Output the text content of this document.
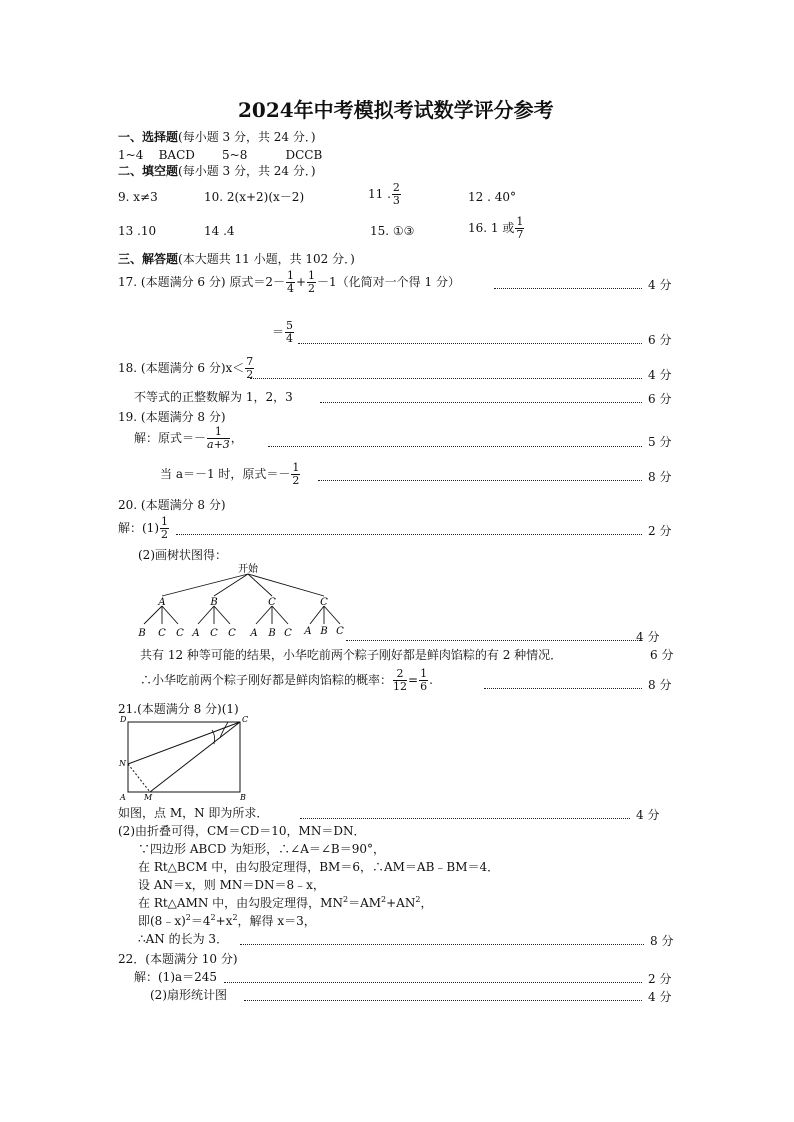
2024年中考模拟考试数学评分参考
一、选择题(每小题 3 分，共 24 分．)
1~4 BACD 5~8	DCCB
二、填空题(每小题 3 分，共 24 分．)
9. x≠3	10. 2(x+2)(x－2)	11 . $\frac{2}{3}$	12 . 40°
13 .10	14 .4	15. ①③	16. 1 或 $\frac{1}{7}$
三、解答题(本大题共 11 小题，共 102 分．)
17. (本题满分 6 分) 原式$=2- \frac{1}{4} + \frac{1}{2} -1$（化简对一个得 1 分）	4 分
＝ $\frac{5}{4}$	6 分
18. (本题满分 6 分)$x< \frac{7}{2}$	4 分
不等式的正整数解为 1，2，3	6 分
19. (本题满分 8 分)
解：原式＝－ $\frac{1}{a+3}$，	5 分
当 a＝－1 时，原式＝－ $\frac{1}{2}$	8 分
20. (本题满分 8 分)
解：$(1) \frac{1}{2}$	2 分
(2)画树状图得：
开始
A	B	C	C
B C C A C C A B C A B C	4 分
共有 12 种等可能的结果，小华吃前两个粽子刚好都是鲜肉馅粽的有 2 种情况．	6 分
∴小华吃前两个粽子刚好都是鲜肉馅粽的概率： $\frac{2}{12} = \frac{1}{6}$ .	8 分
21.(本题满分 8 分)(1)
D	C
N
A M	B
如图，点 M，N 即为所求．	4 分
(2)由折叠可得，CM＝CD＝10，MN＝DN．
∵四边形 ABCD 为矩形，∴∠A＝∠B＝90°，
在 Rt△BCM 中，由勾股定理得，BM＝6，∴AM＝AB﹣BM＝4．
设 AN＝x，则 MN＝DN＝8﹣x，
在 Rt△AMN 中，由勾股定理得，$MN^2=AM^2+AN^2$，
即$(8﹣x)^2=4^2+x^2$，解得 x＝3，
∴AN 的长为 3．	8 分
22．(本题满分 10 分)
解：(1)a＝245	2 分
(2)扇形统计图	4 分
